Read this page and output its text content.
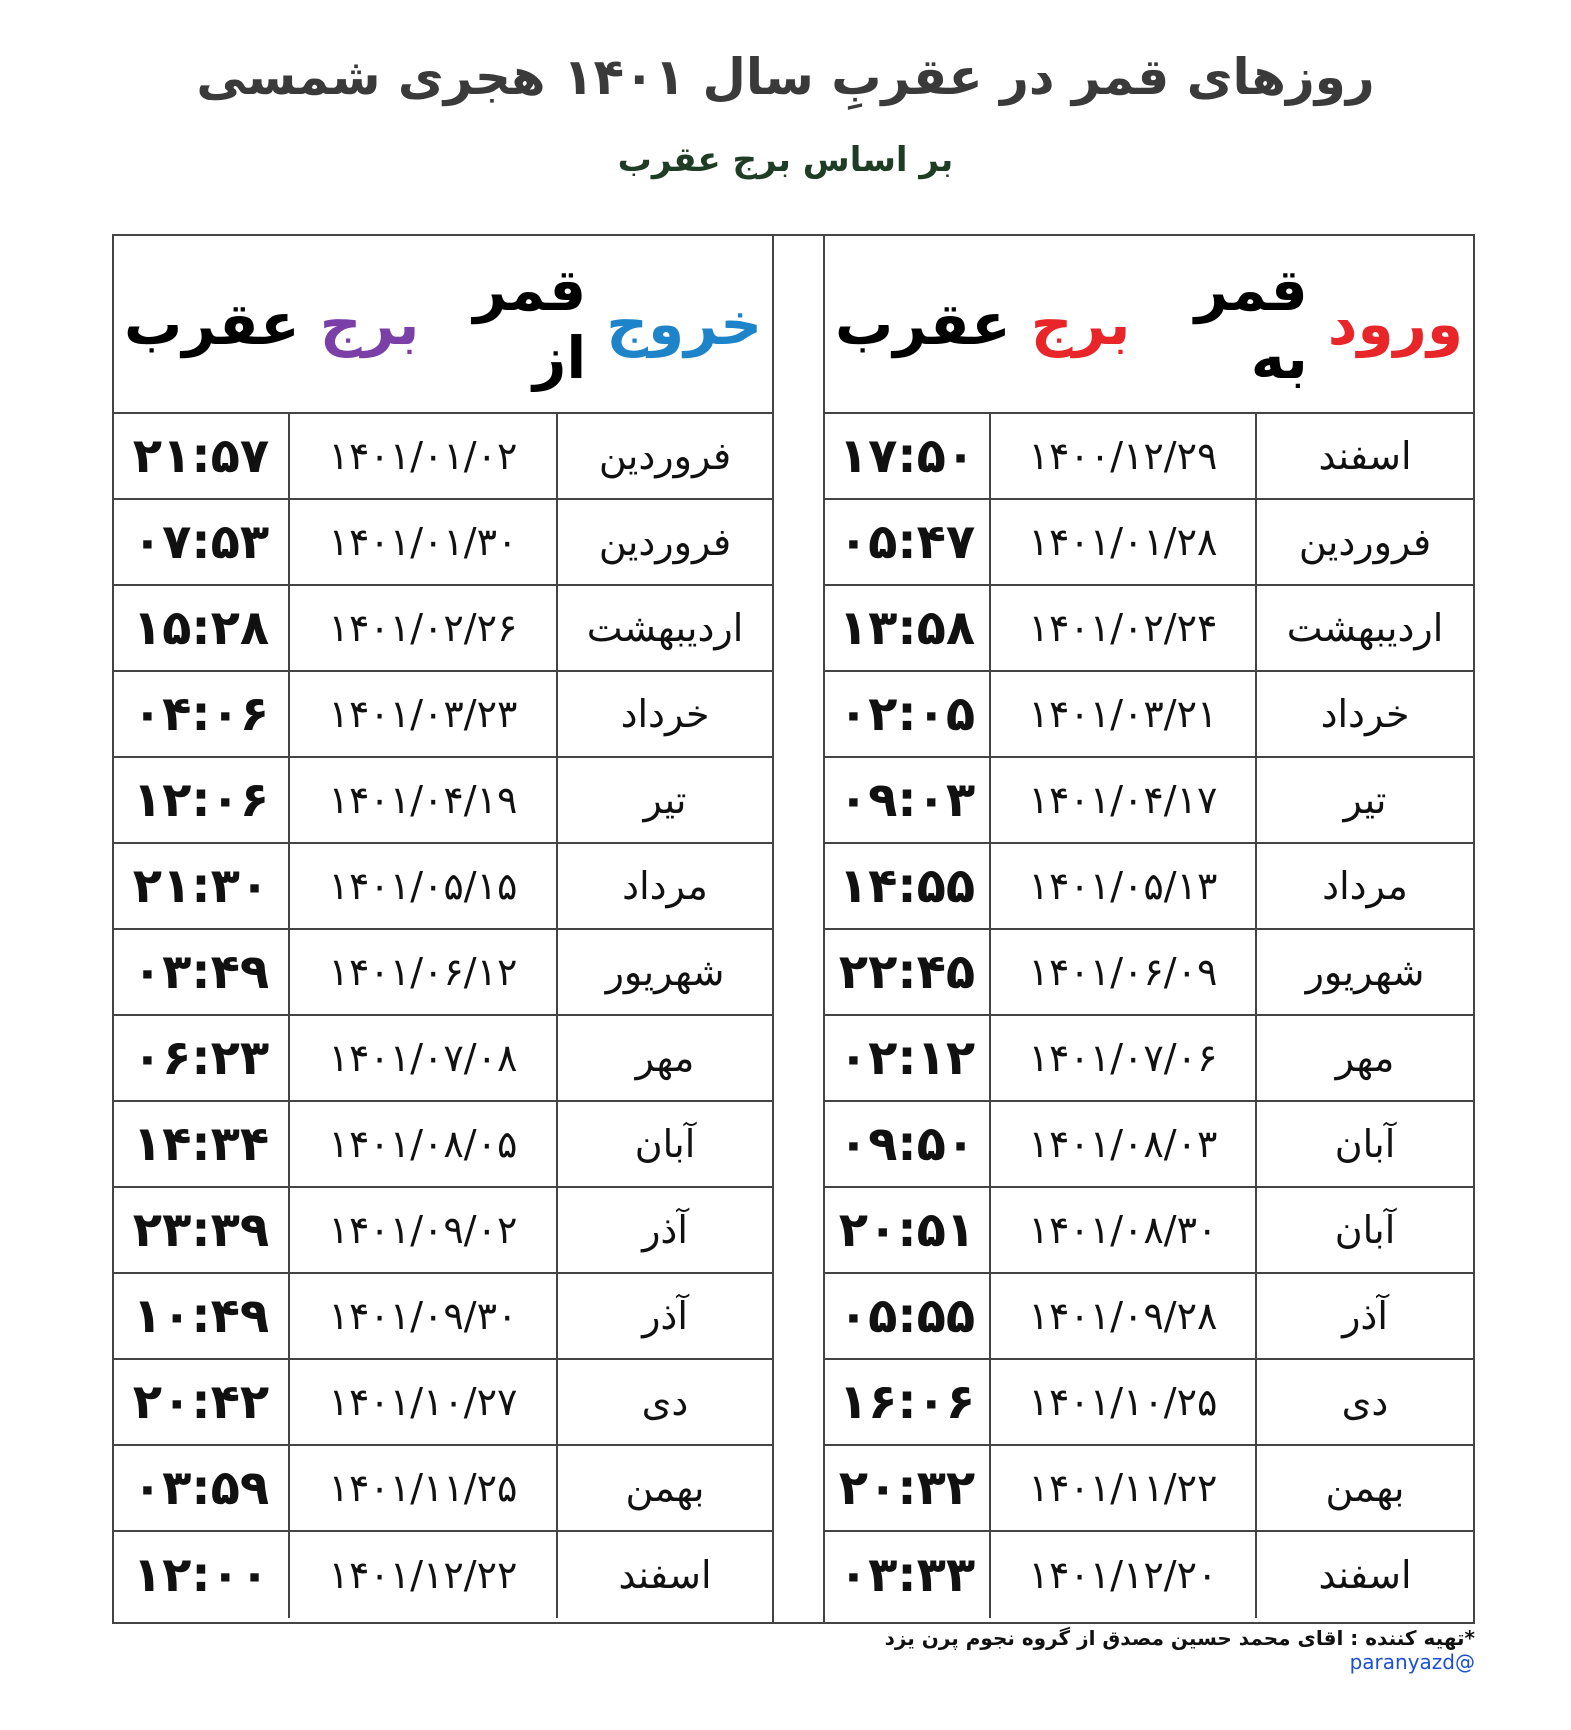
روزهای قمر در عقربِ سال ۱۴۰۱ هجری شمسی
بر اساس برج عقرب
ورود
قمر به
برج
عقرب
اسفند
۱۴۰۰/۱۲/۲۹
۱۷:۵۰
فروردین
۱۴۰۱/۰۱/۲۸
۰۵:۴۷
اردیبهشت
۱۴۰۱/۰۲/۲۴
۱۳:۵۸
خرداد
۱۴۰۱/۰۳/۲۱
۰۲:۰۵
تیر
۱۴۰۱/۰۴/۱۷
۰۹:۰۳
مرداد
۱۴۰۱/۰۵/۱۳
۱۴:۵۵
شهریور
۱۴۰۱/۰۶/۰۹
۲۲:۴۵
مهر
۱۴۰۱/۰۷/۰۶
۰۲:۱۲
آبان
۱۴۰۱/۰۸/۰۳
۰۹:۵۰
آبان
۱۴۰۱/۰۸/۳۰
۲۰:۵۱
آذر
۱۴۰۱/۰۹/۲۸
۰۵:۵۵
دی
۱۴۰۱/۱۰/۲۵
۱۶:۰۶
بهمن
۱۴۰۱/۱۱/۲۲
۲۰:۳۲
اسفند
۱۴۰۱/۱۲/۲۰
۰۳:۳۳
خروج
قمر از
برج
عقرب
فروردین
۱۴۰۱/۰۱/۰۲
۲۱:۵۷
فروردین
۱۴۰۱/۰۱/۳۰
۰۷:۵۳
اردیبهشت
۱۴۰۱/۰۲/۲۶
۱۵:۲۸
خرداد
۱۴۰۱/۰۳/۲۳
۰۴:۰۶
تیر
۱۴۰۱/۰۴/۱۹
۱۲:۰۶
مرداد
۱۴۰۱/۰۵/۱۵
۲۱:۳۰
شهریور
۱۴۰۱/۰۶/۱۲
۰۳:۴۹
مهر
۱۴۰۱/۰۷/۰۸
۰۶:۲۳
آبان
۱۴۰۱/۰۸/۰۵
۱۴:۳۴
آذر
۱۴۰۱/۰۹/۰۲
۲۳:۳۹
آذر
۱۴۰۱/۰۹/۳۰
۱۰:۴۹
دی
۱۴۰۱/۱۰/۲۷
۲۰:۴۲
بهمن
۱۴۰۱/۱۱/۲۵
۰۳:۵۹
اسفند
۱۴۰۱/۱۲/۲۲
۱۲:۰۰
*تهیه کننده : اقای محمد حسین مصدق از گروه نجوم پرن یزد @paranyazd
